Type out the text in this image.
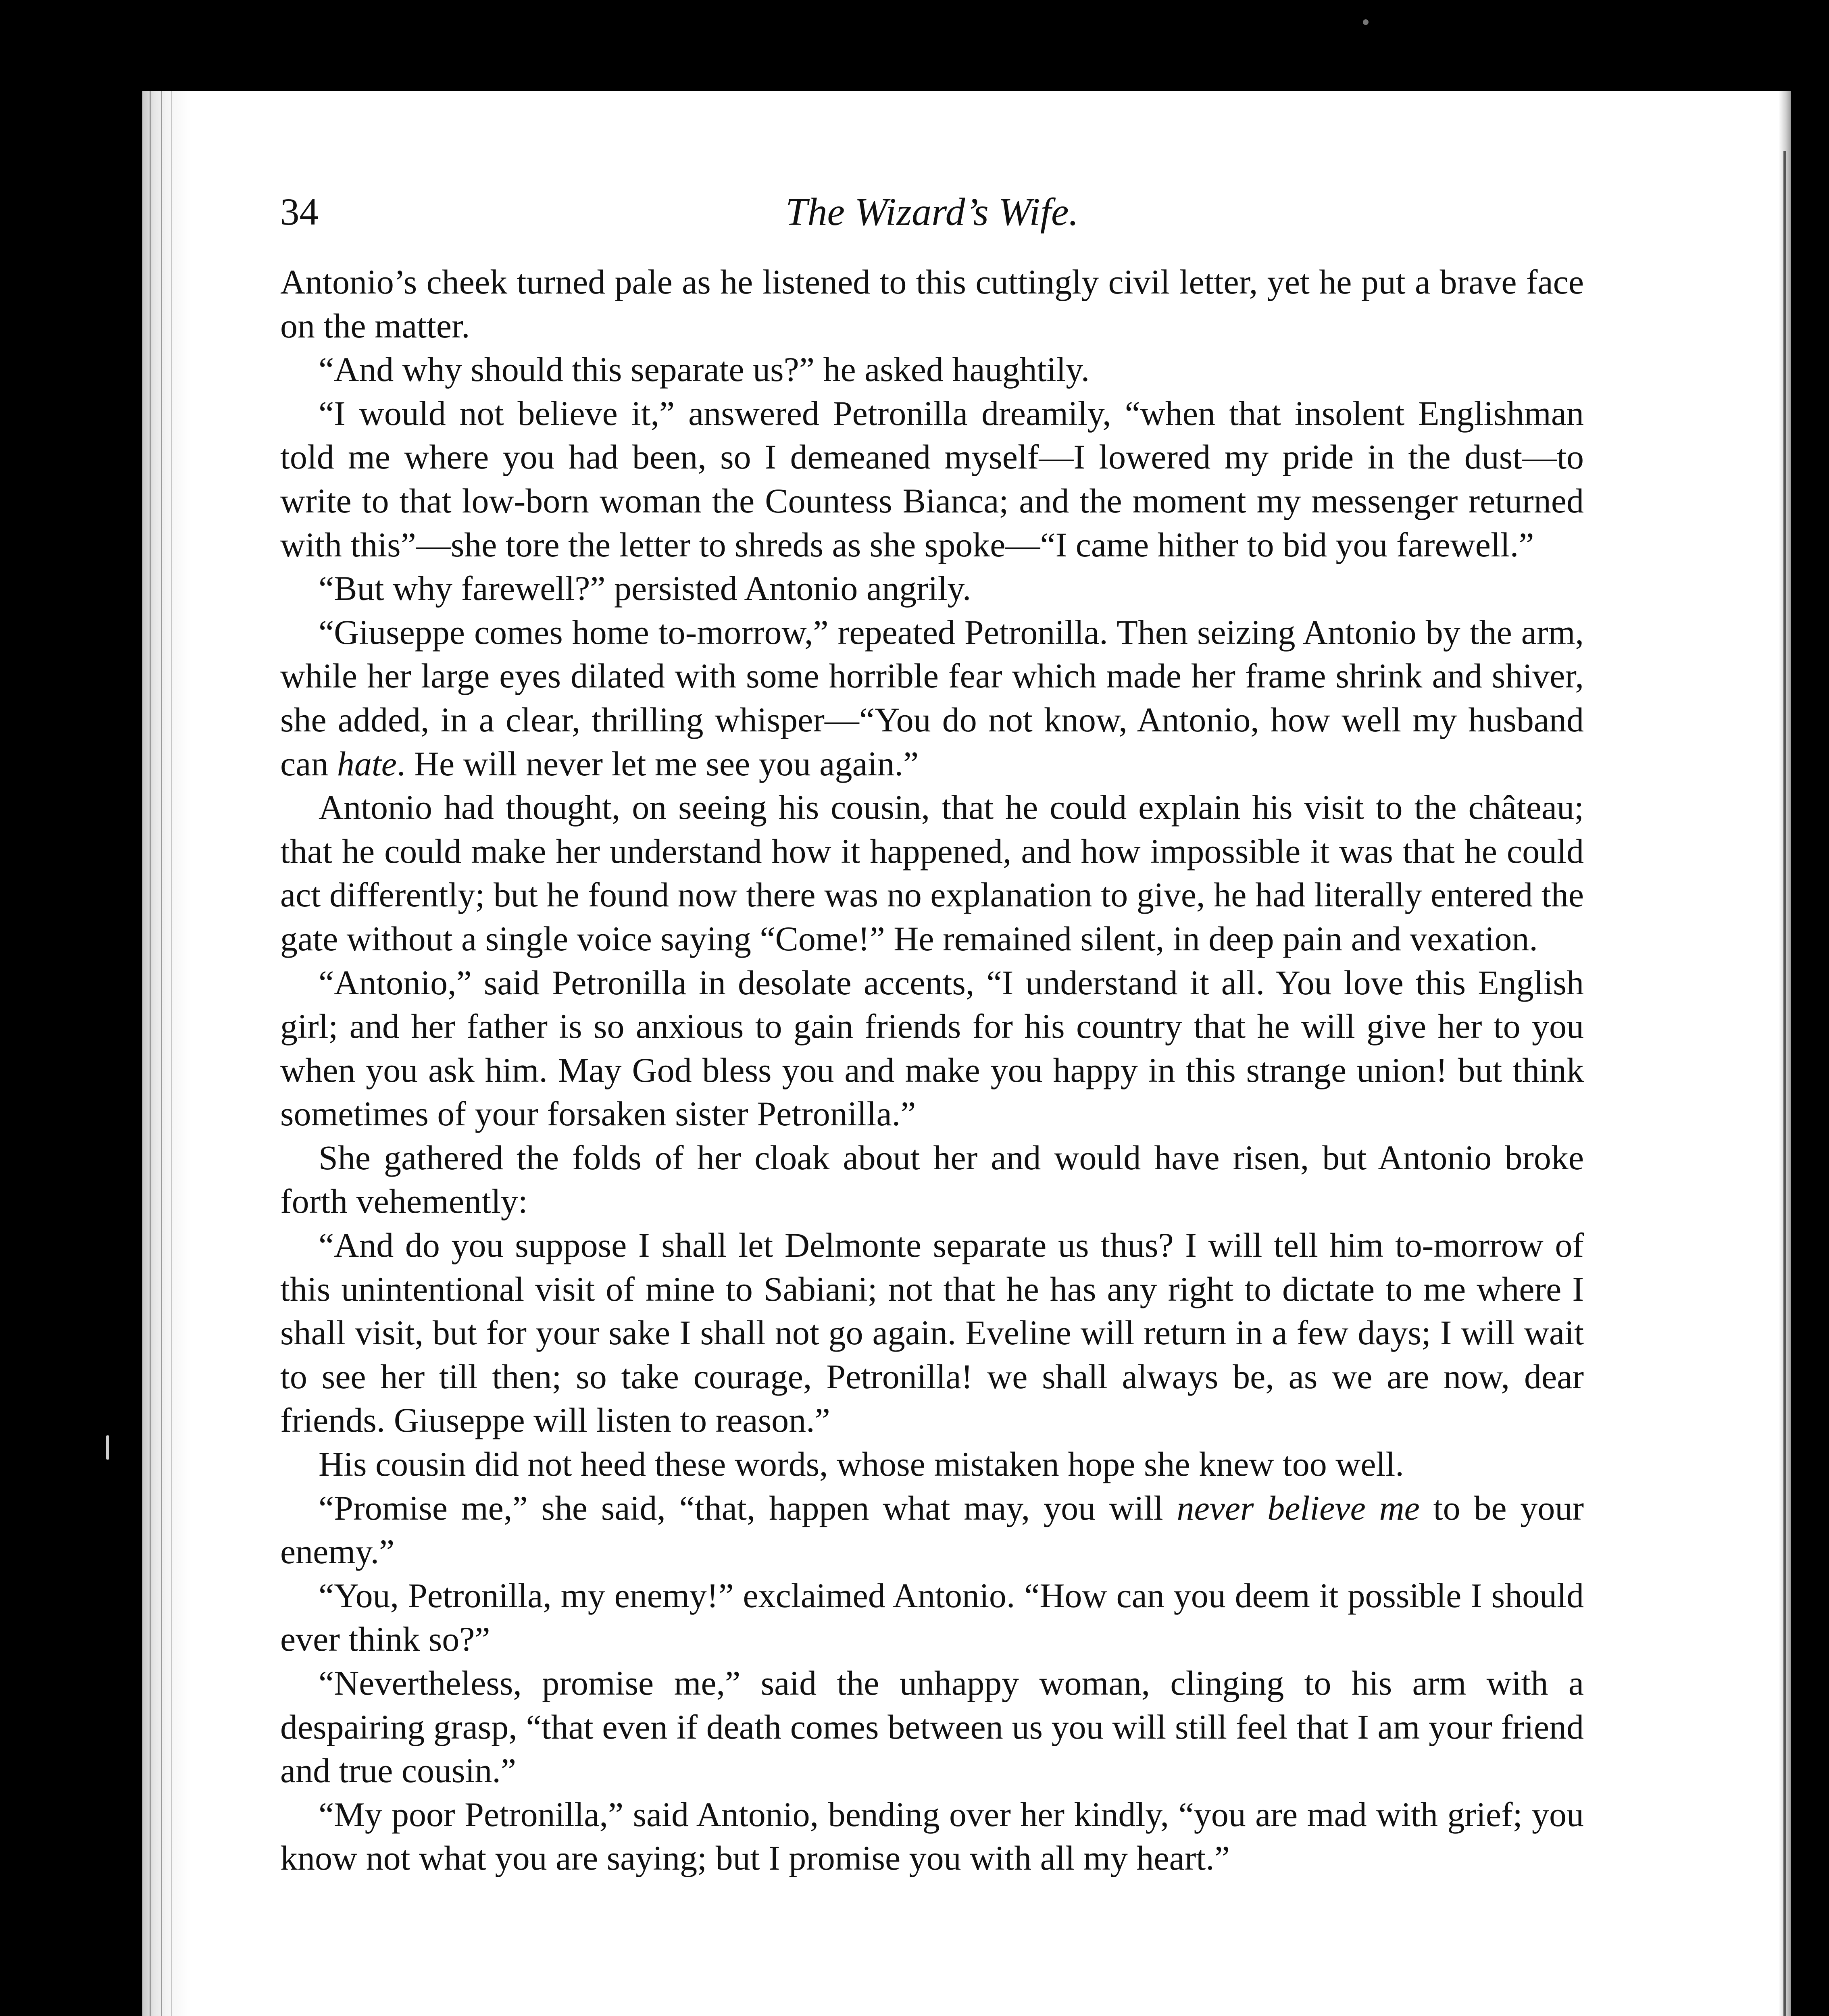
34	The Wizard’s Wife.

Antonio’s cheek turned pale as he listened to this cuttingly civil letter, yet he put a brave face on the matter.

“And why should this separate us?” he asked haughtily.

“I would not believe it,” answered Petronilla dreamily, “when that insolent Englishman told me where you had been, so I demeaned myself—I lowered my pride in the dust—to write to that low-born woman the Countess Bianca; and the moment my messenger returned with this”—she tore the letter to shreds as she spoke—“I came hither to bid you farewell.”

“But why farewell?” persisted Antonio angrily.

“Giuseppe comes home to-morrow,” repeated Petronilla. Then seizing Antonio by the arm, while her large eyes dilated with some horrible fear which made her frame shrink and shiver, she added, in a clear, thrilling whisper—“You do not know, Antonio, how well my husband can hate. He will never let me see you again.”

Antonio had thought, on seeing his cousin, that he could explain his visit to the château; that he could make her understand how it happened, and how impossible it was that he could act differently; but he found now there was no explanation to give, he had literally entered the gate without a single voice saying “Come!” He remained silent, in deep pain and vexation.

“Antonio,” said Petronilla in desolate accents, “I understand it all. You love this English girl; and her father is so anxious to gain friends for his country that he will give her to you when you ask him. May God bless you and make you happy in this strange union! but think sometimes of your forsaken sister Petronilla.”

She gathered the folds of her cloak about her and would have risen, but Antonio broke forth vehemently:

“And do you suppose I shall let Delmonte separate us thus? I will tell him to-morrow of this unintentional visit of mine to Sabiani; not that he has any right to dictate to me where I shall visit, but for your sake I shall not go again. Eveline will return in a few days; I will wait to see her till then; so take courage, Petronilla! we shall always be, as we are now, dear friends. Giuseppe will listen to reason.”

His cousin did not heed these words, whose mistaken hope she knew too well.

“Promise me,” she said, “that, happen what may, you will never believe me to be your enemy.”

“You, Petronilla, my enemy!” exclaimed Antonio. “How can you deem it possible I should ever think so?”

“Nevertheless, promise me,” said the unhappy woman, clinging to his arm with a despairing grasp, “that even if death comes between us you will still feel that I am your friend and true cousin.”

“My poor Petronilla,” said Antonio, bending over her kindly, “you are mad with grief; you know not what you are saying; but I promise you with all my heart.”
